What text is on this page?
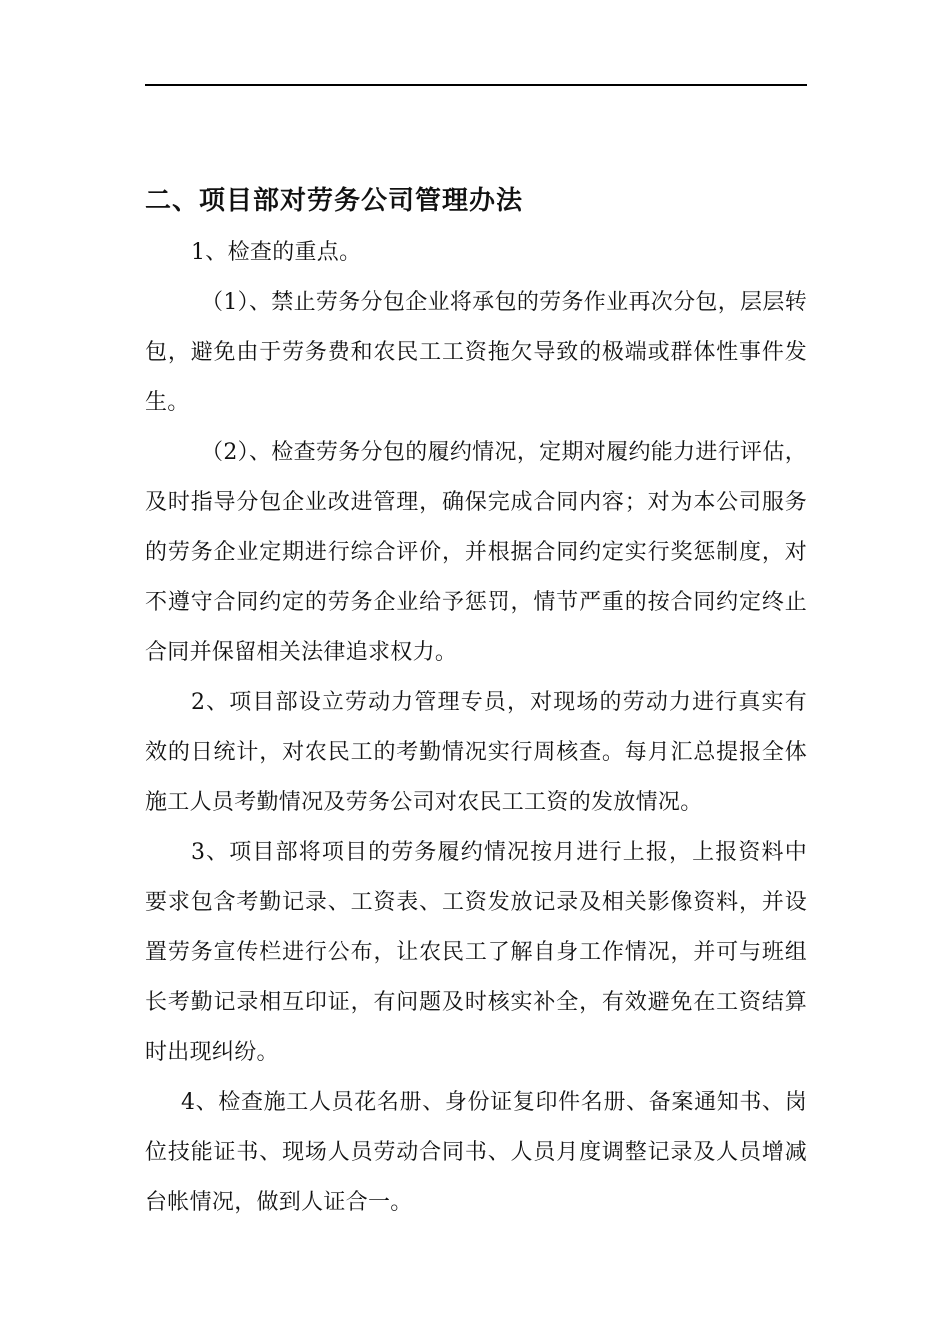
二、项目部对劳务公司管理办法

1、检查的重点。

（1）、禁止劳务分包企业将承包的劳务作业再次分包，层层转包，避免由于劳务费和农民工工资拖欠导致的极端或群体性事件发生。

（2）、检查劳务分包的履约情况，定期对履约能力进行评估，及时指导分包企业改进管理，确保完成合同内容；对为本公司服务的劳务企业定期进行综合评价，并根据合同约定实行奖惩制度，对不遵守合同约定的劳务企业给予惩罚，情节严重的按合同约定终止合同并保留相关法律追求权力。

2、项目部设立劳动力管理专员，对现场的劳动力进行真实有效的日统计，对农民工的考勤情况实行周核查。每月汇总提报全体施工人员考勤情况及劳务公司对农民工工资的发放情况。

3、项目部将项目的劳务履约情况按月进行上报，上报资料中要求包含考勤记录、工资表、工资发放记录及相关影像资料，并设置劳务宣传栏进行公布，让农民工了解自身工作情况，并可与班组长考勤记录相互印证，有问题及时核实补全，有效避免在工资结算时出现纠纷。

4、检查施工人员花名册、身份证复印件名册、备案通知书、岗位技能证书、现场人员劳动合同书、人员月度调整记录及人员增减台帐情况，做到人证合一。
